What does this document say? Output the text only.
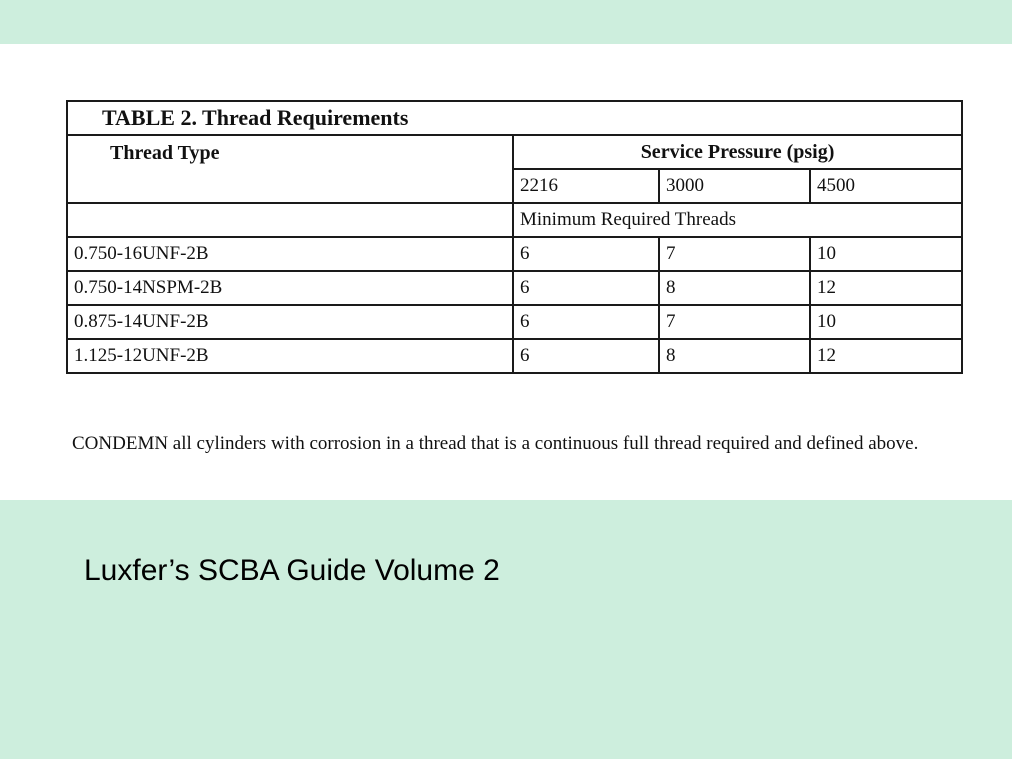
TABLE 2. Thread Requirements			
Thread Type	Service Pressure (psig)		
	2216	3000	4500
	Minimum Required Threads		
0.750-16UNF-2B	6	7	10
0.750-14NSPM-2B	6	8	12
0.875-14UNF-2B	6	7	10
1.125-12UNF-2B	6	8	12

CONDEMN all cylinders with corrosion in a thread that is a continuous full thread required and defined above.

Luxfer’s SCBA Guide Volume 2
